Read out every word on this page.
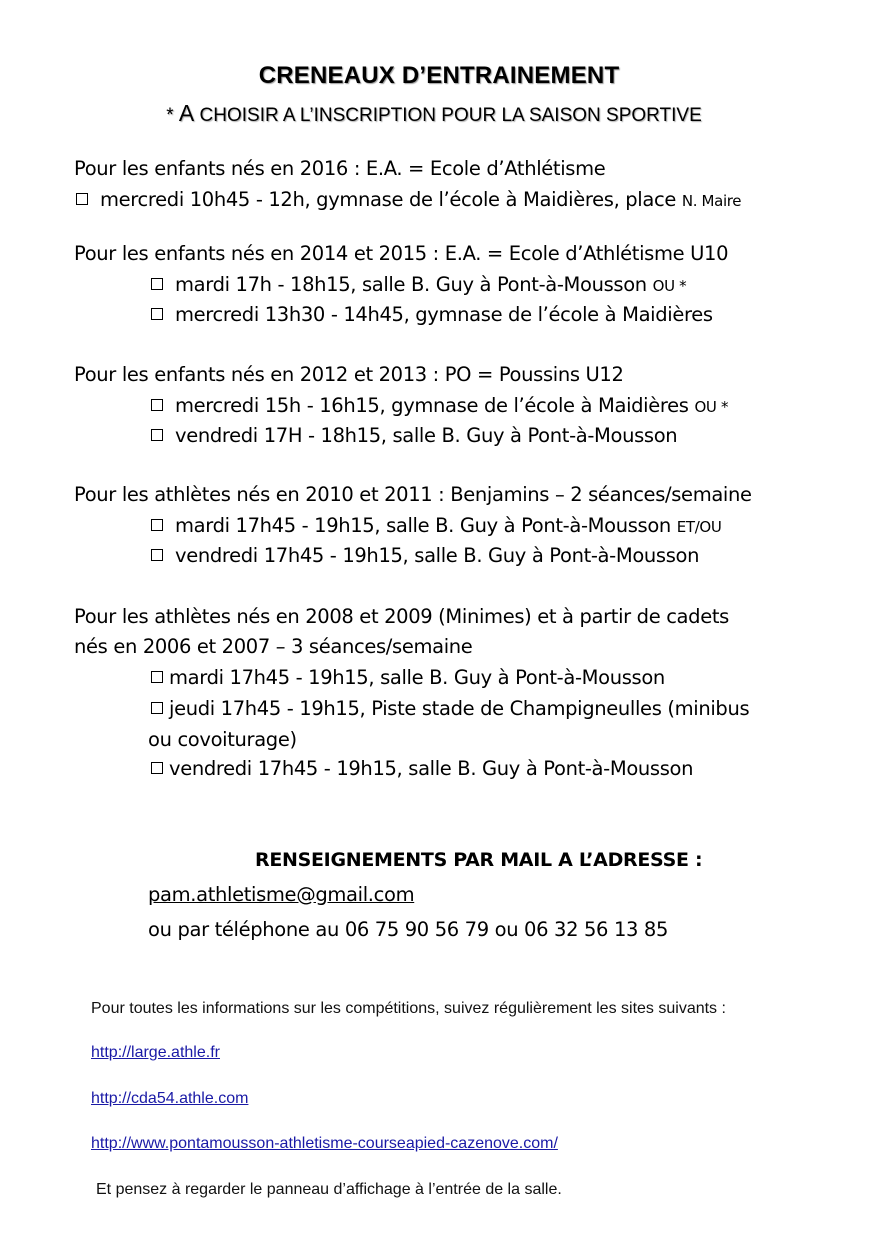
CRENEAUX D’ENTRAINEMENT
* A CHOISIR A L’INSCRIPTION POUR LA SAISON SPORTIVE
Pour les enfants nés en 2016 : E.A. = Ecole d’Athlétisme
mercredi 10h45 - 12h, gymnase de l’école à Maidières, place N. Maire
Pour les enfants nés en 2014 et 2015 : E.A. = Ecole d’Athlétisme U10
mardi 17h - 18h15, salle B. Guy à Pont-à-Mousson OU *
mercredi 13h30 - 14h45, gymnase de l’école à Maidières
Pour les enfants nés en 2012 et 2013 : PO = Poussins U12
mercredi 15h - 16h15, gymnase de l’école à Maidières OU *
vendredi 17H - 18h15, salle B. Guy à Pont-à-Mousson
Pour les athlètes nés en 2010 et 2011 : Benjamins – 2 séances/semaine
mardi 17h45 - 19h15, salle B. Guy à Pont-à-Mousson ET/OU
vendredi 17h45 - 19h15, salle B. Guy à Pont-à-Mousson
Pour les athlètes nés en 2008 et 2009 (Minimes) et à partir de cadets
nés en 2006 et 2007 – 3 séances/semaine
mardi 17h45 - 19h15, salle B. Guy à Pont-à-Mousson
jeudi 17h45 - 19h15, Piste stade de Champigneulles (minibus
ou covoiturage)
vendredi 17h45 - 19h15, salle B. Guy à Pont-à-Mousson
RENSEIGNEMENTS PAR MAIL A L’ADRESSE :
pam.athletisme@gmail.com
ou par téléphone au 06 75 90 56 79 ou 06 32 56 13 85
Pour toutes les informations sur les compétitions, suivez régulièrement les sites suivants :
http://large.athle.fr
http://cda54.athle.com
http://www.pontamousson-athletisme-courseapied-cazenove.com/
Et pensez à regarder le panneau d’affichage à l’entrée de la salle.
